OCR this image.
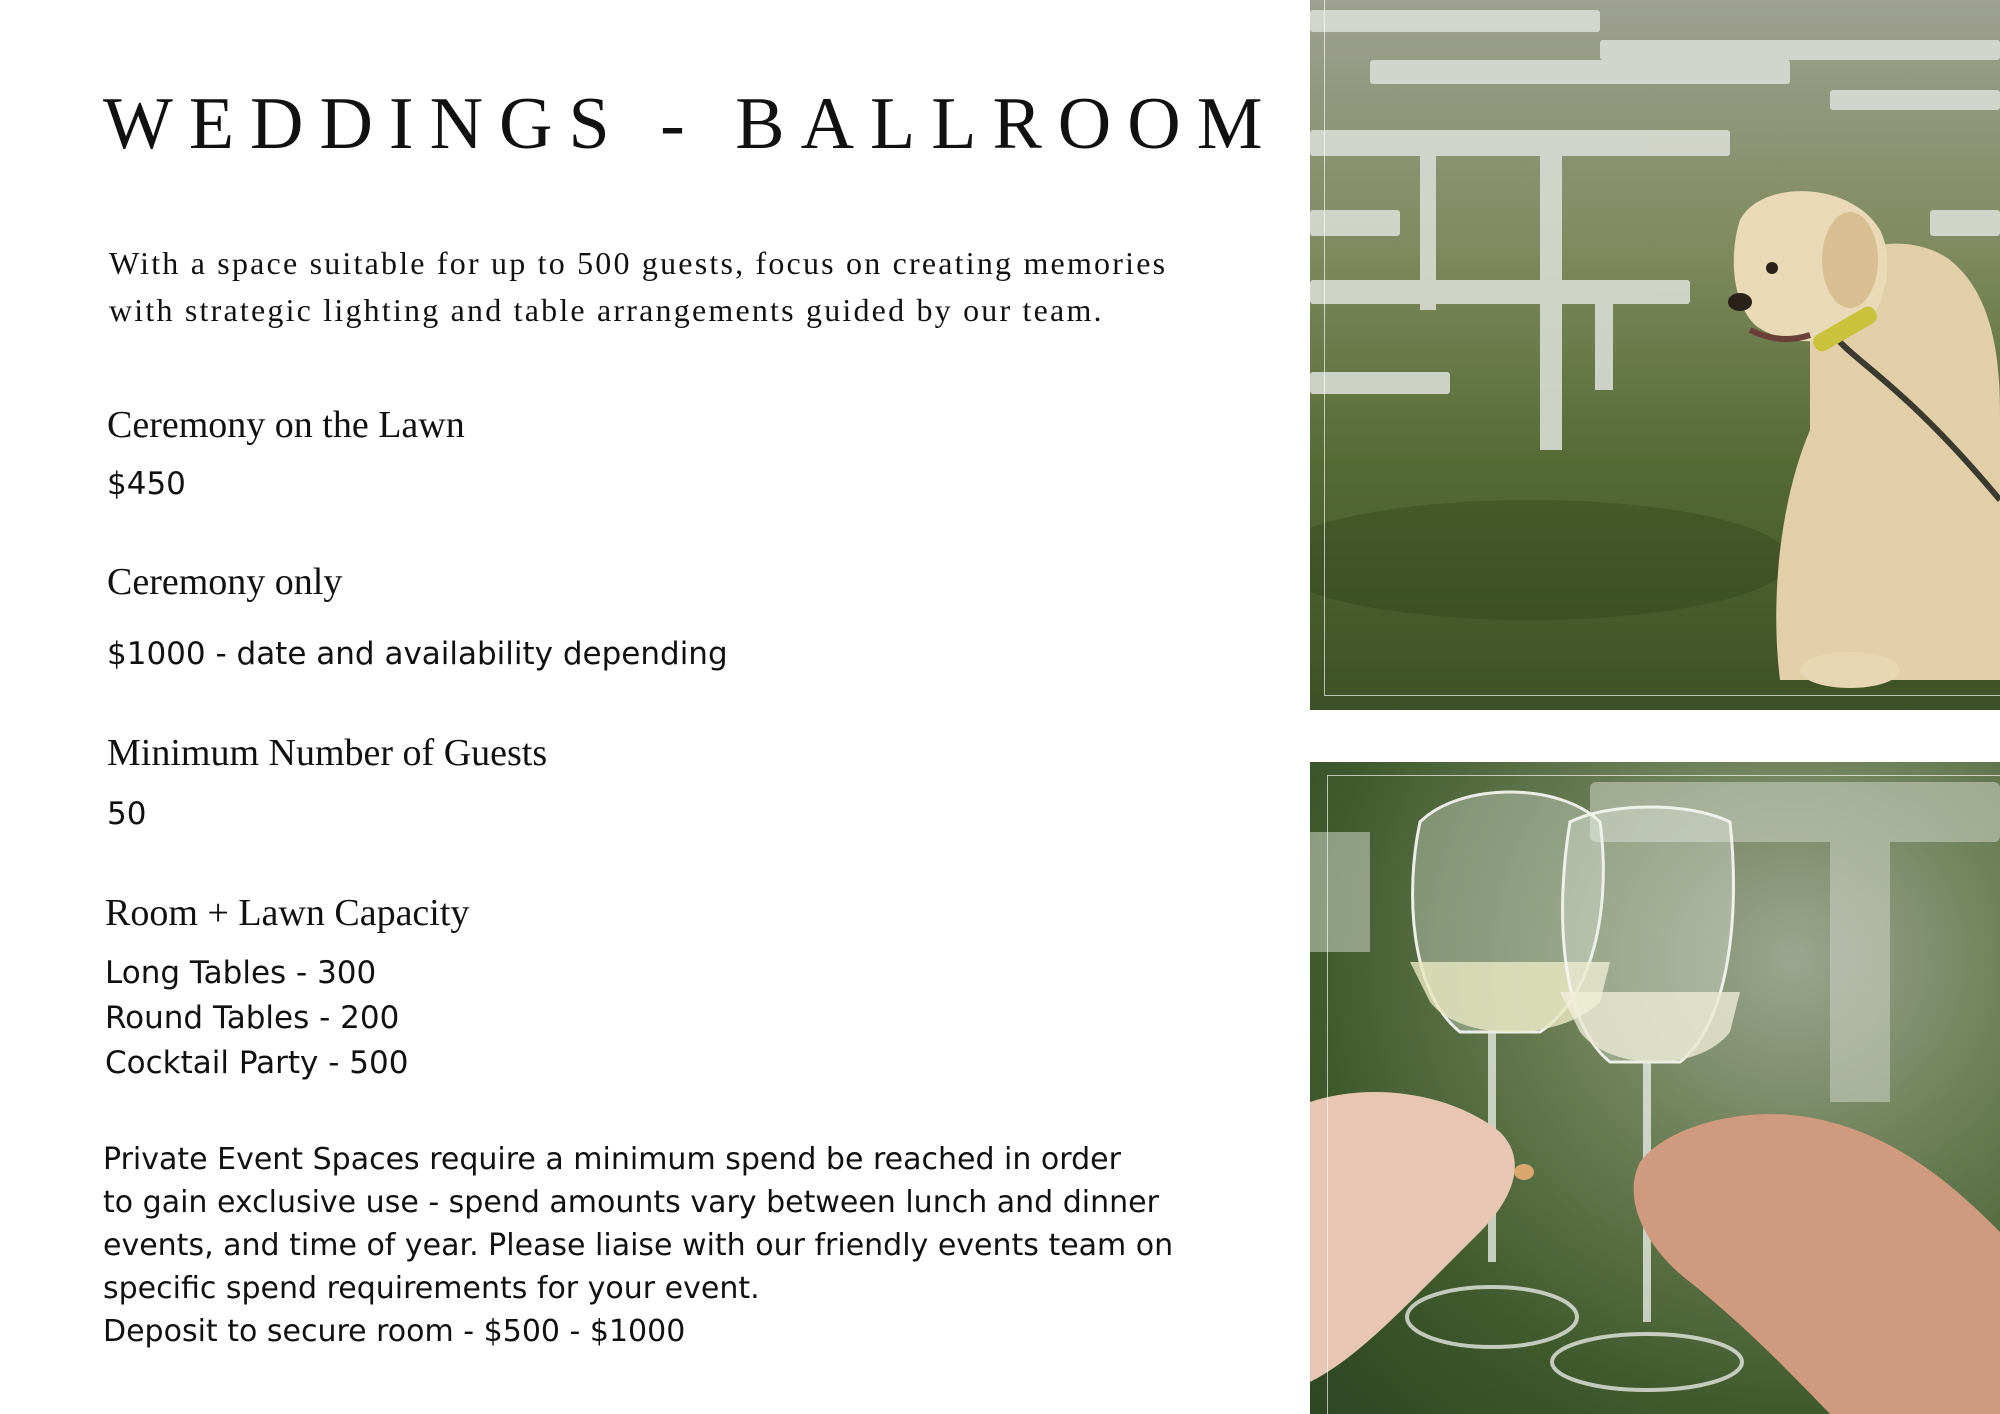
WEDDINGS - BALLROOM
With a space suitable for up to 500 guests, focus on creating memories
with strategic lighting and table arrangements guided by our team.
Ceremony on the Lawn
$450
Ceremony only
$1000 - date and availability depending
Minimum Number of Guests
50
Room + Lawn Capacity
Long Tables - 300
Round Tables - 200
Cocktail Party - 500
Private Event Spaces require a minimum spend be reached in order
to gain exclusive use - spend amounts vary between lunch and dinner
events, and time of year. Please liaise with our friendly events team on
specific spend requirements for your event.
Deposit to secure room - $500 - $1000
